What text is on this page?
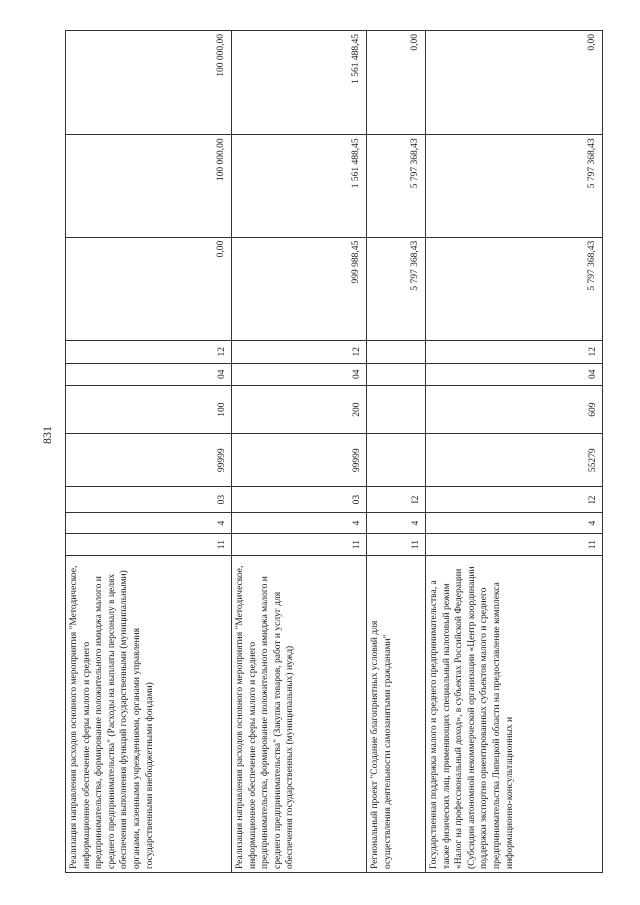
831
Реализация направления расходов основного мероприятия "Методическое, информационное обеспечение сферы малого и среднего предпринимательства, формирование положительного имиджа малого и среднего предпринимательства" (Расходы на выплаты персоналу в целях обеспечения выполнения функций государственными (муниципальными) органами, казенными учреждениями, органами управления государственными внебюджетными фондами)	11	4	03	99999	100	04	12	0,00	100 000,00	100 000,00
Реализация направления расходов основного мероприятия "Методическое, информационное обеспечение сферы малого и среднего предпринимательства, формирование положительного имиджа малого и среднего предпринимательства" (Закупка товаров, работ и услуг для обеспечения государственных (муниципальных) нужд)	11	4	03	99999	200	04	12	999 988,45	1 561 488,45	1 561 488,45
Региональный проект "Создание благоприятных условий для осуществления деятельности самозанятыми гражданами"	11	4	I2					5 797 368,43	5 797 368,43	0,00
Государственная поддержка малого и среднего предпринимательства, а также физических лиц, применяющих специальный налоговый режим «Налог на профессиональный доход», в субъектах Российской Федерации (Субсидии автономной некоммерческой организации «Центр координации поддержки экспортно ориентированных субъектов малого и среднего предпринимательства Липецкой области на предоставление комплекса информационно-консультационных и	11	4	I2	55279	609	04	12	5 797 368,43	5 797 368,43	0,00
